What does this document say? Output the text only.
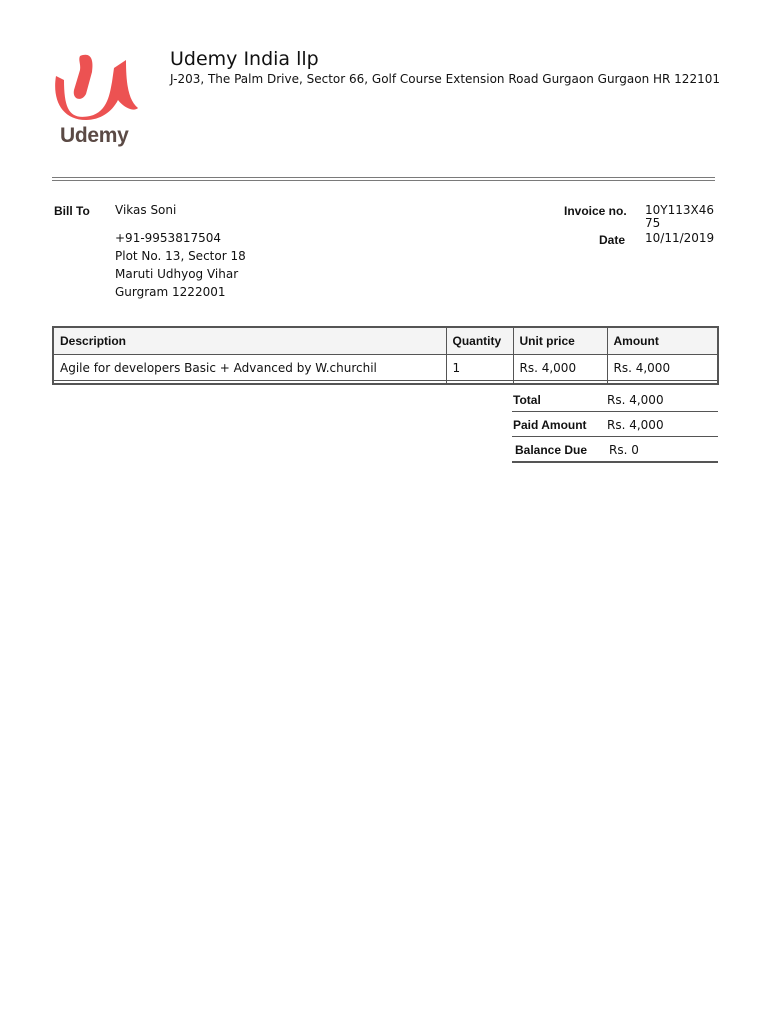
Udemy
Udemy India llp
J-203, The Palm Drive, Sector 66, Golf Course Extension Road Gurgaon Gurgaon HR 122101
Bill To Vikas Soni
+91-9953817504
Plot No. 13, Sector 18
Maruti Udhyog Vihar
Gurgram 1222001
Invoice no. 10Y113X4675
Date 10/11/2019
Description	Quantity	Unit price	Amount
Agile for developers Basic + Advanced by W.churchil	1	Rs. 4,000	Rs. 4,000

Total	Rs. 4,000
Paid Amount Rs. 4,000
Balance Due Rs. 0
